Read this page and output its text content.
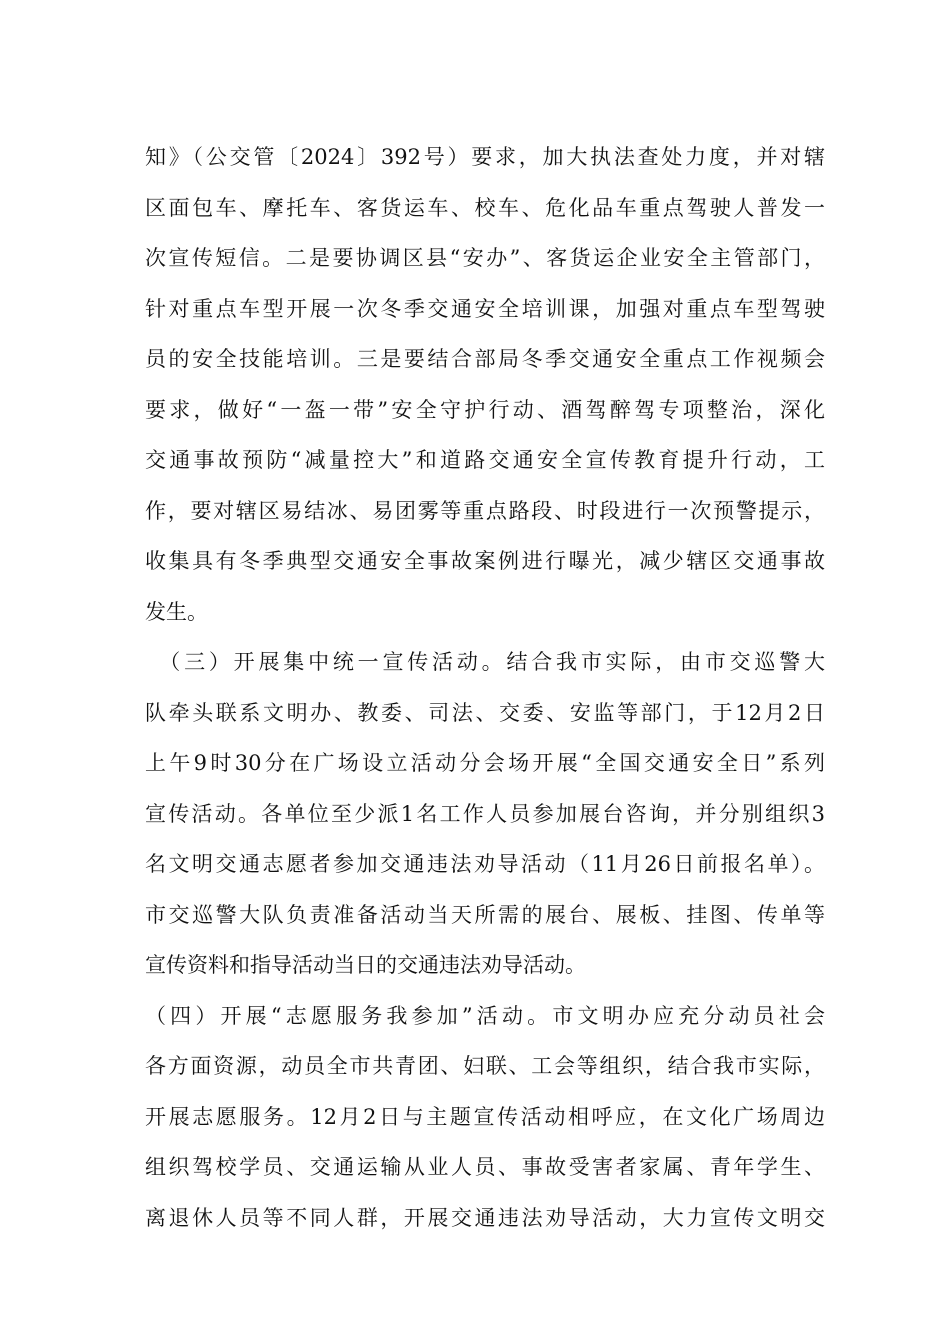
知》（公交管〔2024〕392号）要求，加大执法查处力度，并对辖
区面包车、摩托车、客货运车、校车、危化品车重点驾驶人普发一
次宣传短信。二是要协调区县“安办”、客货运企业安全主管部门，
针对重点车型开展一次冬季交通安全培训课，加强对重点车型驾驶
员的安全技能培训。三是要结合部局冬季交通安全重点工作视频会
要求，做好“一盔一带”安全守护行动、酒驾醉驾专项整治，深化
交通事故预防“减量控大”和道路交通安全宣传教育提升行动，工
作，要对辖区易结冰、易团雾等重点路段、时段进行一次预警提示，
收集具有冬季典型交通安全事故案例进行曝光，减少辖区交通事故
发生。
　（三）开展集中统一宣传活动。结合我市实际，由市交巡警大
队牵头联系文明办、教委、司法、交委、安监等部门，于12月2日
上午9时30分在广场设立活动分会场开展“全国交通安全日”系列
宣传活动。各单位至少派1名工作人员参加展台咨询，并分别组织3
名文明交通志愿者参加交通违法劝导活动（11月26日前报名单）。
市交巡警大队负责准备活动当天所需的展台、展板、挂图、传单等
宣传资料和指导活动当日的交通违法劝导活动。
（四）开展“志愿服务我参加”活动。市文明办应充分动员社会
各方面资源，动员全市共青团、妇联、工会等组织，结合我市实际，
开展志愿服务。12月2日与主题宣传活动相呼应，在文化广场周边
组织驾校学员、交通运输从业人员、事故受害者家属、青年学生、
离退休人员等不同人群，开展交通违法劝导活动，大力宣传文明交
